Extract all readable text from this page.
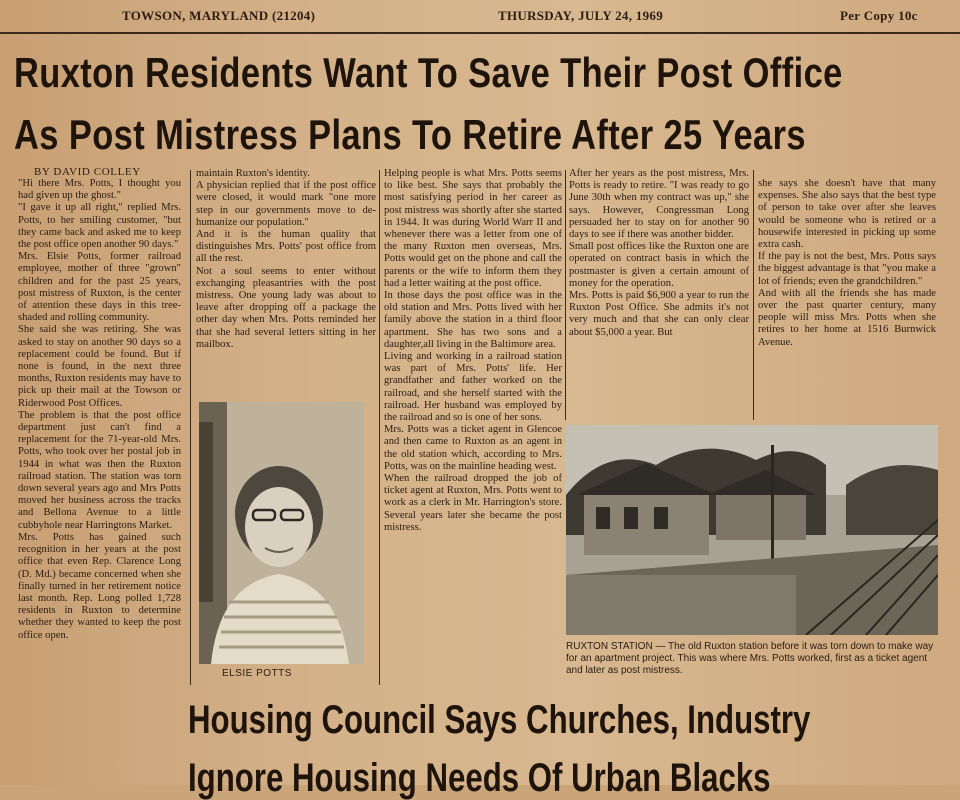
TOWSON, MARYLAND (21204)	THURSDAY, JULY 24, 1969	Per Copy 10c
Ruxton Residents Want To Save Their Post Office
As Post Mistress Plans To Retire After 25 Years
BY DAVID COLLEY
"Hi there Mrs. Potts, I thought you had given up the ghost."
"I gave it up all right," replied Mrs. Potts, to her smiling customer, "but they came back and asked me to keep the post office open another 90 days."
Mrs. Elsie Potts, former railroad employee, mother of three "grown" children and for the past 25 years, post mistress of Ruxton, is the center of attention these days in this tree-shaded and rolling community.
She said she was retiring. She was asked to stay on another 90 days so a replacement could be found. But if none is found, in the next three months, Ruxton residents may have to pick up their mail at the Towson or Riderwood Post Offices.
The problem is that the post office department just can't find a replacement for the 71-year-old Mrs. Potts, who took over her postal job in 1944 in what was then the Ruxton railroad station. The station was torn down several years ago and Mrs Potts moved her business across the tracks and Bellona Avenue to a little cubbyhole near Harringtons Market.
Mrs. Potts has gained such recognition in her years at the post office that even Rep. Clarence Long (D. Md.) became concerned when she finally turned in her retirement notice last month. Rep. Long polled 1,728 residents in Ruxton to determine whether they wanted to keep the post office open.
maintain Ruxton's identity.
A physician replied that if the post office were closed, it would mark "one more step in our governments move to de-humanize our population."
And it is the human quality that distinguishes Mrs. Potts' post office from all the rest.
Not a soul seems to enter without exchanging pleasantries with the post mistress. One young lady was about to leave after dropping off a package the other day when Mrs. Potts reminded her that she had several letters sitting in her mailbox.
Helping people is what Mrs. Potts seems to like best. She says that probably the most satisfying period in her career as post mistress was shortly after she started in 1944. It was during World Warr II and whenever there was a letter from one of the many Ruxton men overseas, Mrs. Potts would get on the phone and call the parents or the wife to inform them they had a letter waiting at the post office.
In those days the post office was in the old station and Mrs. Potts lived with her family above the station in a third floor apartment. She has two sons and a daughter,all living in the Baltimore area.
Living and working in a railroad station was part of Mrs. Potts' life. Her grandfather and father worked on the railroad, and she herself started with the railroad. Her husband was employed by the railroad and so is one of her sons.
Mrs. Potts was a ticket agent in Glencoe and then came to Ruxton as an agent in the old station which, according to Mrs. Potts, was on the mainline heading west.
When the railroad dropped the job of ticket agent at Ruxton, Mrs. Potts went to work as a clerk in Mr. Harrington's store. Several years later she became the post mistress.
After her years as the post mistress, Mrs. Potts is ready to retire. "I was ready to go June 30th when my contract was up," she says. However, Congressman Long persuaded her to stay on for another 90 days to see if there was another bidder.
Small post offices like the Ruxton one are operated on contract basis in which the postmaster is given a certain amount of money for the operation.
Mrs. Potts is paid $6,900 a year to run the Ruxton Post Office. She admits it's not very much and that she can only clear about $5,000 a year. But
she says she doesn't have that many expenses. She also says that the best type of person to take over after she leaves would be someone who is retired or a housewife interested in picking up some extra cash.
If the pay is not the best, Mrs. Potts says the biggest advantage is that "you make a lot of friends; even the grandchildren."
And with all the friends she has made over the past quarter century, many people will miss Mrs. Potts when she retires to her home at 1516 Burnwick Avenue.
ELSIE POTTS
RUXTON STATION — The old Ruxton station before it was torn down to make way for an apartment project. This was where Mrs. Potts worked, first as a ticket agent and later as post mistress.
Housing Council Says Churches, Industry
Ignore Housing Needs Of Urban Blacks
